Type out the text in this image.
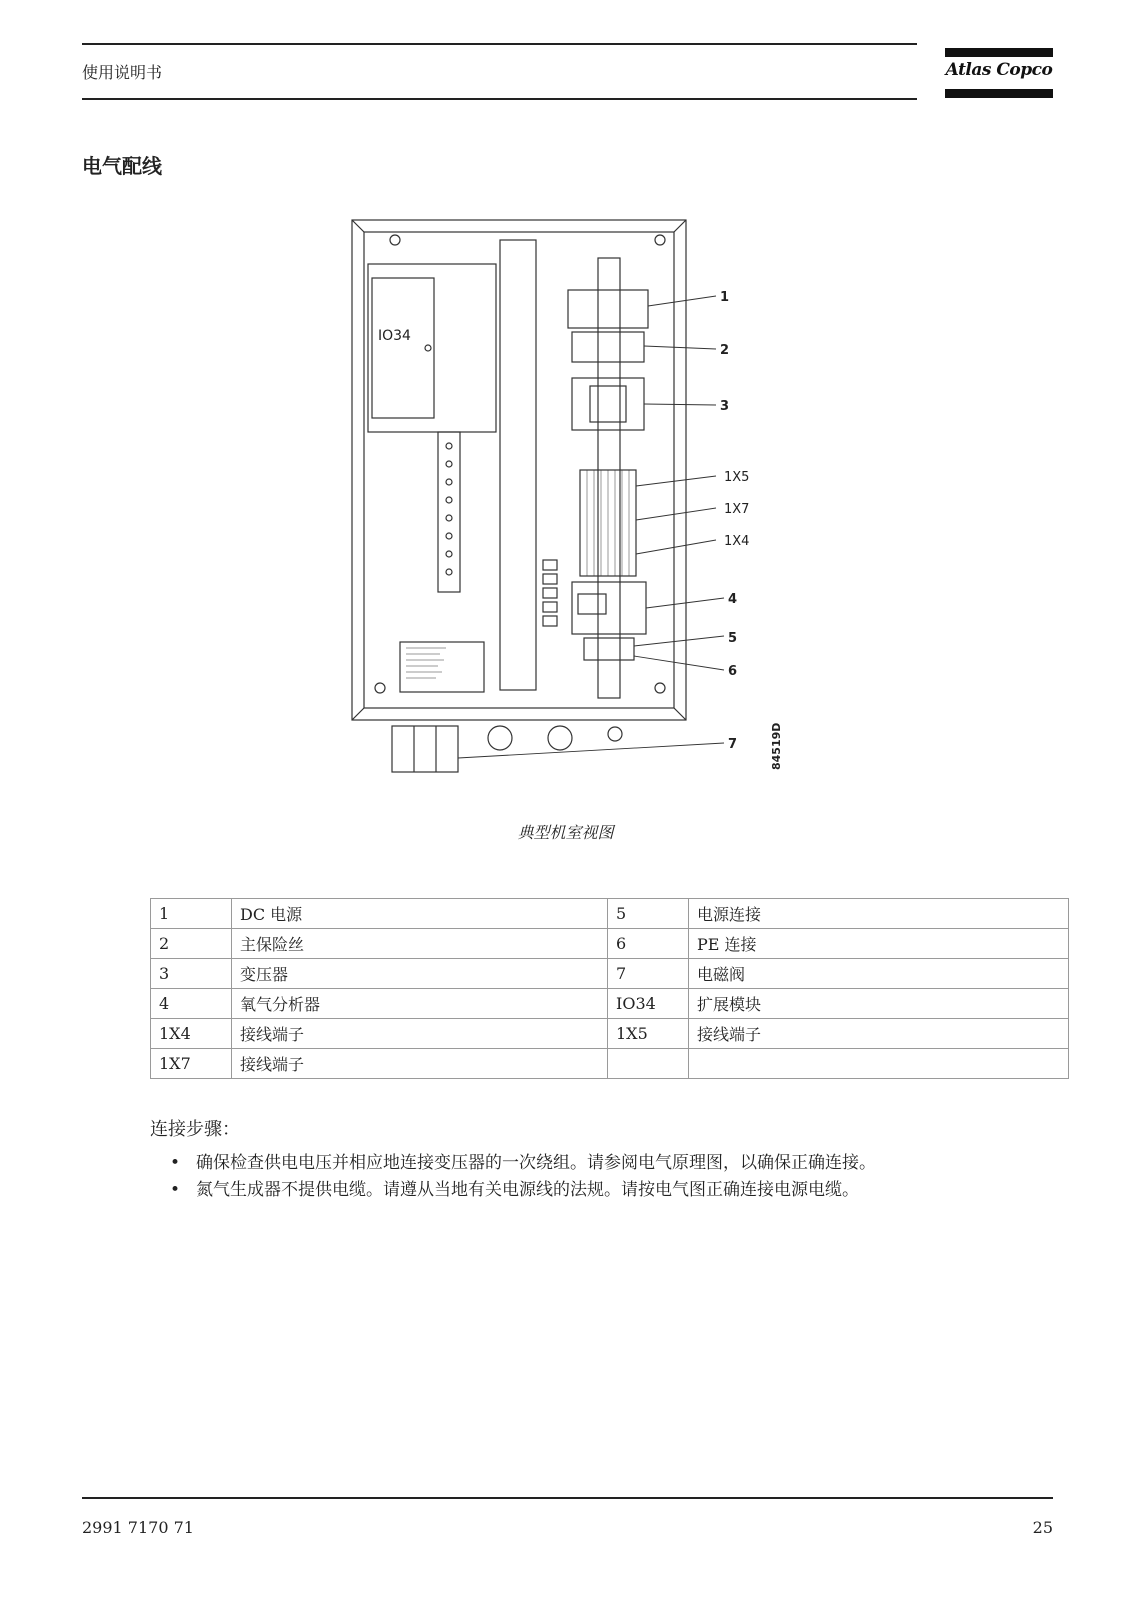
使用说明书	Atlas Copco
电气配线
IO34
1
2
3
1X5
1X7
1X4
4
5
6
7	84519D
典型机室视图
1	DC 电源	5	电源连接
2	主保险丝	6	PE 连接
3	变压器	7	电磁阀
4	氧气分析器	IO34	扩展模块
1X4	接线端子	1X5	接线端子
1X7	接线端子		
连接步骤：
• 确保检查供电电压并相应地连接变压器的一次绕组。请参阅电气原理图，以确保正确连接。
• 氮气生成器不提供电缆。请遵从当地有关电源线的法规。请按电气图正确连接电源电缆。
2991 7170 71	25
